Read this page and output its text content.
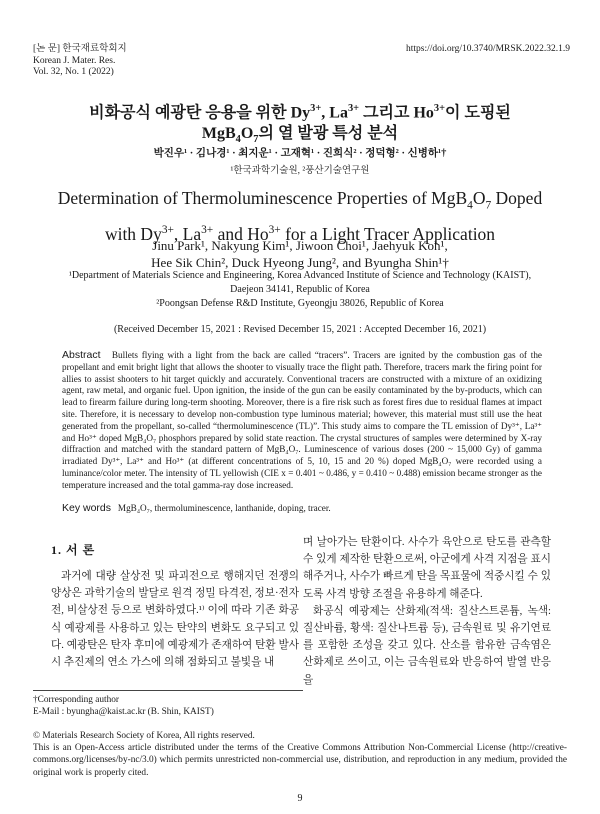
[논 문] 한국재료학회지
Korean J. Mater. Res.
Vol. 32, No. 1 (2022)
https://doi.org/10.3740/MRSK.2022.32.1.9
비화공식 예광탄 응용을 위한 $Dy^{3+}$, $La^{3+}$ 그리고 $Ho^{3+}$이 도핑된
$MgB_4O_7$의 열 발광 특성 분석
박진우¹ · 김나경¹ · 최지운¹ · 고재혁¹ · 진희식² · 정덕형² · 신병하¹†
¹한국과학기술원, ²풍산기술연구원
Determination of Thermoluminescence Properties of $MgB_4O_7$ Doped
with $Dy^{3+}$, $La^{3+}$ and $Ho^{3+}$ for a Light Tracer Application
Jinu Park¹, Nakyung Kim¹, Jiwoon Choi¹, Jaehyuk Koh¹,
Hee Sik Chin², Duck Hyeong Jung², and Byungha Shin¹†
¹Department of Materials Science and Engineering, Korea Advanced Institute of Science and Technology (KAIST),
Daejeon 34141, Republic of Korea
²Poongsan Defense R&D Institute, Gyeongju 38026, Republic of Korea
(Received December 15, 2021 : Revised December 15, 2021 : Accepted December 16, 2021)
Abstract Bullets flying with a light from the back are called “tracers”. Tracers are ignited by the combustion gas of the propellant and emit bright light that allows the shooter to visually trace the flight path. Therefore, tracers mark the firing point for allies to assist shooters to hit target quickly and accurately. Conventional tracers are constructed with a mixture of an oxidizing agent, raw metal, and organic fuel. Upon ignition, the inside of the gun can be easily contaminated by the by-products, which can lead to firearm failure during long-term shooting. Moreover, there is a fire risk such as forest fires due to residual flames at impact site. Therefore, it is necessary to develop non-combustion type luminous material; however, this material must still use the heat generated from the propellant, so-called “thermoluminescence (TL)”. This study aims to compare the TL emission of Dy³⁺, La³⁺ and Ho³⁺ doped MgB₄O₇ phosphors prepared by solid state reaction. The crystal structures of samples were determined by X-ray diffraction and matched with the standard pattern of MgB₄O₇. Luminescence of various doses (200 ~ 15,000 Gy) of gamma irradiated Dy³⁺, La³⁺ and Ho³⁺ (at different concentrations of 5, 10, 15 and 20 %) doped MgB₄O₇ were recorded using a luminance/color meter. The intensity of TL yellowish (CIE x = 0.401 ~ 0.486, y = 0.410 ~ 0.488) emission became stronger as the temperature increased and the total gamma-ray dose increased.
Key words MgB₄O₇, thermoluminescence, lanthanide, doping, tracer.
1. 서 론

과거에 대량 살상전 및 파괴전으로 행해지던 전쟁의 양상은 과학기술의 발달로 원격 정밀 타격전, 정보·전자전, 비살상전 등으로 변화하였다.¹⁾ 이에 따라 기존 화공식 예광제를 사용하고 있는 탄약의 변화도 요구되고 있다. 예광탄은 탄자 후미에 예광제가 존재하여 탄환 발사 시 추진제의 연소 가스에 의해 점화되고 불빛을 내

며 날아가는 탄환이다. 사수가 육안으로 탄도를 관측할 수 있게 제작한 탄환으로써, 아군에게 사격 지점을 표시해주거나, 사수가 빠르게 탄을 목표물에 적중시킬 수 있도록 사격 방향 조절을 유용하게 해준다.

화공식 예광제는 산화제(적색: 질산스트론튬, 녹색: 질산바륨, 황색: 질산나트륨 등), 금속원료 및 유기연료를 포함한 조성을 갖고 있다. 산소를 함유한 금속염은 산화제로 쓰이고, 이는 금속원료와 반응하여 발열 반응을

†Corresponding author
E-Mail : byungha@kaist.ac.kr (B. Shin, KAIST)
© Materials Research Society of Korea, All rights reserved.
This is an Open-Access article distributed under the terms of the Creative Commons Attribution Non-Commercial License (http://creative-commons.org/licenses/by-nc/3.0) which permits unrestricted non-commercial use, distribution, and reproduction in any medium, provided the original work is properly cited.
9
